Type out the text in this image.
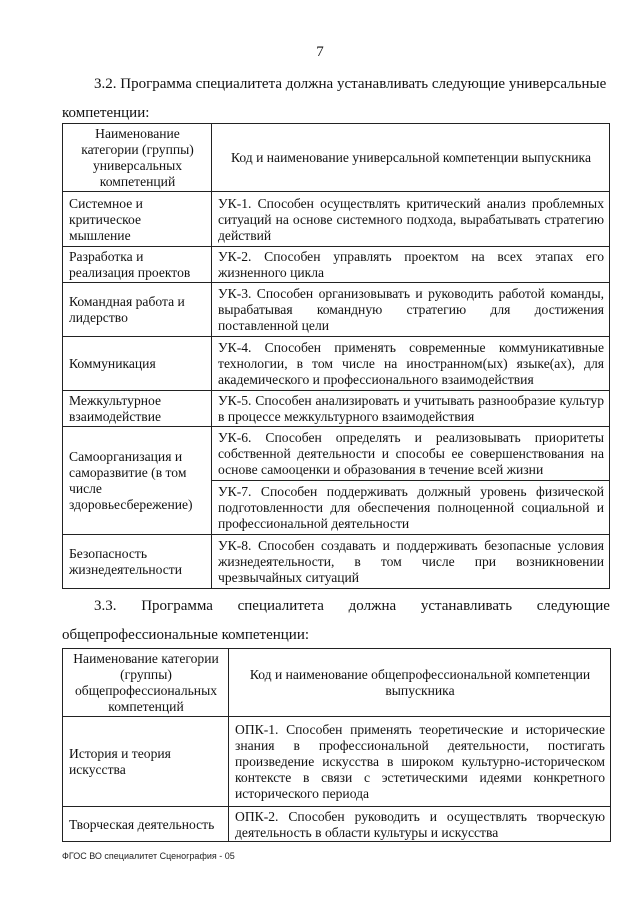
7
3.2. Программа специалитета должна устанавливать следующие универсальные
компетенции:
Наименование категории (группы) универсальных компетенций	Код и наименование универсальной компетенции выпускника
Системное и критическое мышление	УК-1. Способен осуществлять критический анализ проблемных ситуаций на основе системного подхода, вырабатывать стратегию действий
Разработка и реализация проектов	УК-2. Способен управлять проектом на всех этапах его жизненного цикла
Командная работа и лидерство	УК-3. Способен организовывать и руководить работой команды, вырабатывая командную стратегию для достижения поставленной цели
Коммуникация	УК-4. Способен применять современные коммуникативные технологии, в том числе на иностранном(ых) языке(ах), для академического и профессионального взаимодействия
Межкультурное взаимодействие	УК-5. Способен анализировать и учитывать разнообразие культур в процессе межкультурного взаимодействия
Самоорганизация и саморазвитие (в том числе здоровьесбережение)	УК-6. Способен определять и реализовывать приоритеты собственной деятельности и способы ее совершенствования на основе самооценки и образования в течение всей жизни
	УК-7. Способен поддерживать должный уровень физической подготовленности для обеспечения полноценной социальной и профессиональной деятельности
Безопасность жизнедеятельности	УК-8. Способен создавать и поддерживать безопасные условия жизнедеятельности, в том числе при возникновении чрезвычайных ситуаций
3.3. Программа специалитета должна устанавливать следующие
общепрофессиональные компетенции:
Наименование категории (группы) общепрофессиональных компетенций	Код и наименование общепрофессиональной компетенции выпускника
История и теория искусства	ОПК-1. Способен применять теоретические и исторические знания в профессиональной деятельности, постигать произведение искусства в широком культурно-историческом контексте в связи с эстетическими идеями конкретного исторического периода
Творческая деятельность	ОПК-2. Способен руководить и осуществлять творческую деятельность в области культуры и искусства
ФГОС ВО специалитет Сценография - 05
